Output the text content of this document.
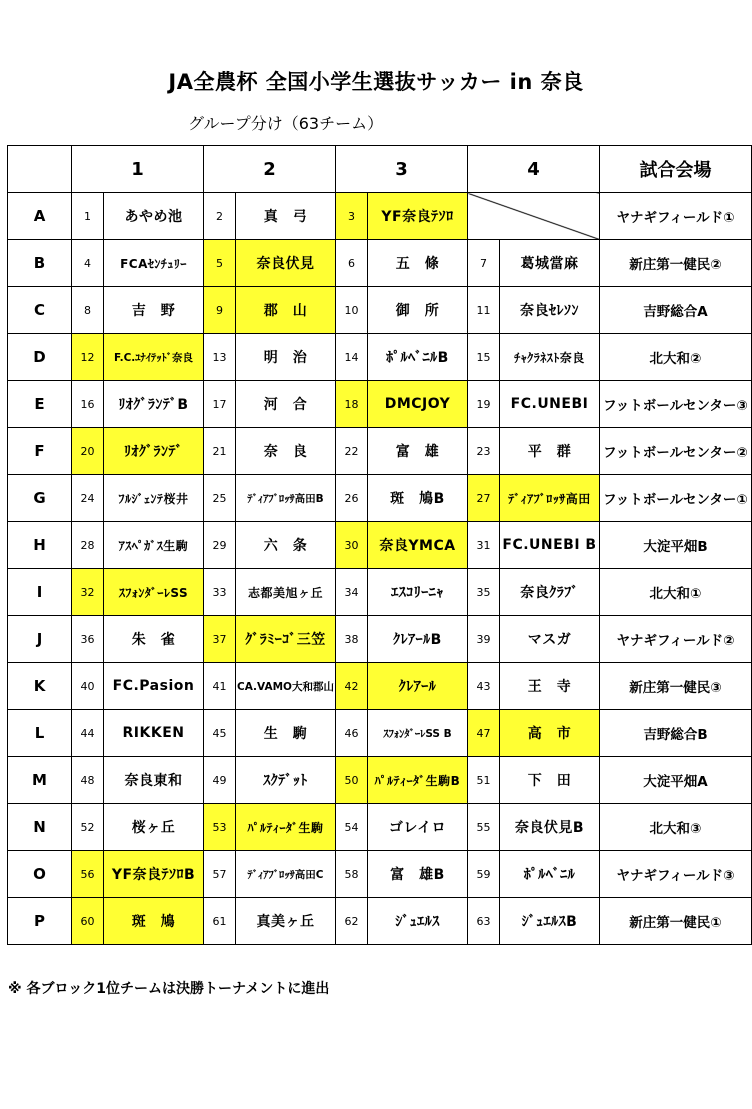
JA全農杯 全国小学生選抜サッカー in 奈良
グループ分け（63チーム）
	1		2		3		4		試合会場
A	1	あやめ池	2	真　弓	3	YF奈良ﾃｿﾛ			ヤナギフィールド①
B	4	FCAｾﾝﾁｭﾘｰ	5	奈良伏見	6	五　條	7	葛城當麻	新庄第一健民②
C	8	吉　野	9	郡　山	10	御　所	11	奈良ｾﾚｿﾝ	吉野総合A
D	12	F.C.ﾕﾅｲﾃｯﾄﾞ奈良	13	明　治	14	ﾎﾟﾙﾍﾞﾆﾙB	15	ﾁｬｸﾗﾈｽﾄ奈良	北大和②
E	16	ﾘｵｸﾞﾗﾝﾃﾞB	17	河　合	18	DMCJOY	19	FC.UNEBI	フットボールセンター③
F	20	ﾘｵｸﾞﾗﾝﾃﾞ	21	奈　良	22	富　雄	23	平　群	フットボールセンター②
G	24	ﾌﾙｼﾞｪﾝﾃ桜井	25	ﾃﾞｨｱﾌﾞﾛｯｻ高田B	26	斑　鳩B	27	ﾃﾞｨｱﾌﾞﾛｯｻ高田	フットボールセンター①
H	28	ｱｽﾍﾟｶﾞｽ生駒	29	六　条	30	奈良YMCA	31	FC.UNEBI B	大淀平畑B
I	32	ｽﾌｫﾝﾀﾞｰﾚSS	33	志都美旭ヶ丘	34	ｴｽｺﾘｰﾆｬ	35	奈良ｸﾗﾌﾞ	北大和①
J	36	朱　雀	37	ｸﾞﾗﾐｰｺﾞ三笠	38	ｸﾚｱｰﾙB	39	マスガ	ヤナギフィールド②
K	40	FC.Pasion	41	CA.VAMO大和郡山	42	ｸﾚｱｰﾙ	43	王　寺	新庄第一健民③
L	44	RIKKEN	45	生　駒	46	ｽﾌｫﾝﾀﾞｰﾚSS B	47	高　市	吉野総合B
M	48	奈良東和	49	ｽｸﾃﾞｯﾄ	50	ﾊﾟﾙﾃｨｰﾀﾞ生駒B	51	下　田	大淀平畑A
N	52	桜ヶ丘	53	ﾊﾟﾙﾃｨｰﾀﾞ生駒	54	ゴレイロ	55	奈良伏見B	北大和③
O	56	YF奈良ﾃｿﾛB	57	ﾃﾞｨｱﾌﾞﾛｯｻ高田C	58	富　雄B	59	ﾎﾟﾙﾍﾞﾆﾙ	ヤナギフィールド③
P	60	斑　鳩	61	真美ヶ丘	62	ｼﾞｭｴﾙｽ	63	ｼﾞｭｴﾙｽB	新庄第一健民①
※ 各ブロック1位チームは決勝トーナメントに進出
